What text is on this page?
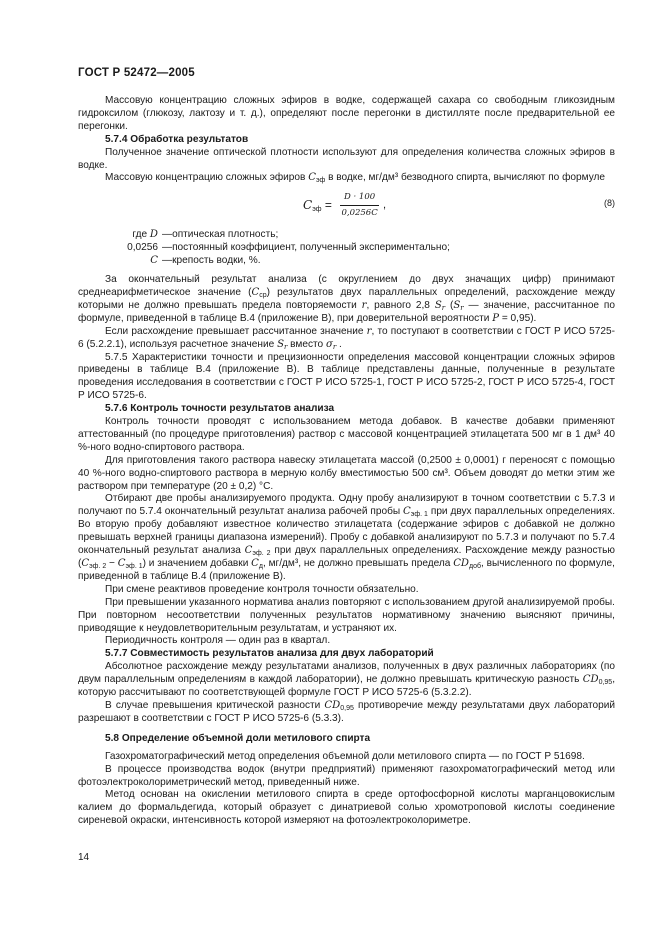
ГОСТ Р 52472—2005

Массовую концентрацию сложных эфиров в водке, содержащей сахара со свободным гликозидным гидроксилом (глюкозу, лактозу и т. д.), определяют после перегонки в дистилляте после предварительной ее перегонки.

5.7.4 Обработка результатов

Полученное значение оптической плотности используют для определения количества сложных эфиров в водке.

Массовую концентрацию сложных эфиров $C_{эф}$ в водке, мг/дм³ безводного спирта, вычисляют по формуле

$C_{эф} = \frac{D \cdot 100}{0,0256C}$ ,	(8)
где D — оптическая плотность;
0,0256 — постоянный коэффициент, полученный экспериментально;
C — крепость водки, %.

За окончательный результат анализа (с округлением до двух значащих цифр) принимают среднеарифметическое значение $(C_{ср})$ результатов двух параллельных определений, расхождение между которыми не должно превышать предела повторяемости r, равного 2,8 $S_r$ ($S_r$ — значение, рассчитанное по формуле, приведенной в таблице В.4 (приложение В), при доверительной вероятности P = 0,95).

Если расхождение превышает рассчитанное значение r, то поступают в соответствии с ГОСТ Р ИСО 5725-6 (5.2.2.1), используя расчетное значение $S_r$ вместо $\sigma_r$ .

5.7.5 Характеристики точности и прецизионности определения массовой концентрации сложных эфиров приведены в таблице В.4 (приложение В). В таблице представлены данные, полученные в результате проведения исследования в соответствии с ГОСТ Р ИСО 5725-1, ГОСТ Р ИСО 5725-2, ГОСТ Р ИСО 5725-4, ГОСТ Р ИСО 5725-6.

5.7.6 Контроль точности результатов анализа

Контроль точности проводят с использованием метода добавок. В качестве добавки применяют аттестованный (по процедуре приготовления) раствор с массовой концентрацией этилацетата 500 мг в 1 дм³ 40 %-ного водно-спиртового раствора.

Для приготовления такого раствора навеску этилацетата массой (0,2500 ± 0,0001) г переносят с помощью 40 %-ного водно-спиртового раствора в мерную колбу вместимостью 500 см³. Объем доводят до метки этим же раствором при температуре (20 ± 0,2) °С.

Отбирают две пробы анализируемого продукта. Одну пробу анализируют в точном соответствии с 5.7.3 и получают по 5.7.4 окончательный результат анализа рабочей пробы $C_{эф. 1}$ при двух параллельных определениях. Во вторую пробу добавляют известное количество этилацетата (содержание эфиров с добавкой не должно превышать верхней границы диапазона измерений). Пробу с добавкой анализируют по 5.7.3 и получают по 5.7.4 окончательный результат анализа $C_{эф. 2}$ при двух параллельных определениях. Расхождение между разностью $(C_{эф. 2} - C_{эф. 1})$ и значением добавки $C_д$, мг/дм³, не должно превышать предела $CD_{доб}$, вычисленного по формуле, приведенной в таблице В.4 (приложение В).

При смене реактивов проведение контроля точности обязательно.

При превышении указанного норматива анализ повторяют с использованием другой анализируемой пробы. При повторном несоответствии полученных результатов нормативному значению выясняют причины, приводящие к неудовлетворительным результатам, и устраняют их.

Периодичность контроля — один раз в квартал.

5.7.7 Совместимость результатов анализа для двух лабораторий

Абсолютное расхождение между результатами анализов, полученных в двух различных лабораториях (по двум параллельным определениям в каждой лаборатории), не должно превышать критическую разность $CD_{0,95}$, которую рассчитывают по соответствующей формуле ГОСТ Р ИСО 5725-6 (5.3.2.2).

В случае превышения критической разности $CD_{0,95}$ противоречие между результатами двух лабораторий разрешают в соответствии с ГОСТ Р ИСО 5725-6 (5.3.3).

5.8 Определение объемной доли метилового спирта

Газохроматографический метод определения объемной доли метилового спирта — по ГОСТ Р 51698.

В процессе производства водок (внутри предприятий) применяют газохроматографический метод или фотоэлектроколориметрический метод, приведенный ниже.

Метод основан на окислении метилового спирта в среде ортофосфорной кислоты марганцовокислым калием до формальдегида, который образует с динатриевой солью хромотроповой кислоты соединение сиреневой окраски, интенсивность которой измеряют на фотоэлектроколориметре.

14
